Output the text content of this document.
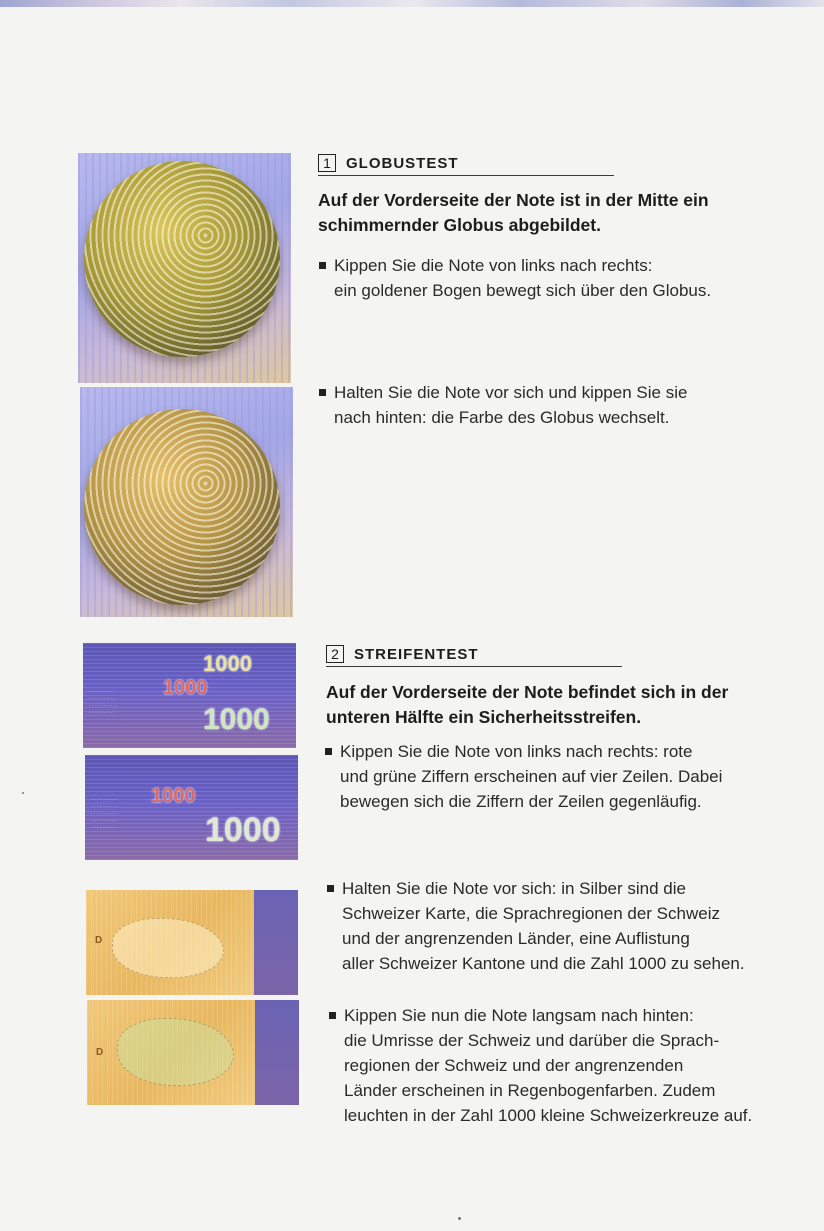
1	GLOBUSTEST
Auf der Vorderseite der Note ist in der Mitte ein schimmernder Globus abgebildet.
Kippen Sie die Note von links nach rechts:
ein goldener Bogen bewegt sich über den Globus.
Halten Sie die Note vor sich und kippen Sie sie
nach hinten: die Farbe des Globus wechselt.
· · · · · · · · ·
· · · · · · · · ·
· · · · · · · · ·
· · · · · · · · ·
1000
1000
1000
· · · · · · · · ·
· · · · · · · · ·
· · · · · · · · ·
· · · · · · · · ·
· · · · · · · · ·
1000
1000
D
D
2	STREIFENTEST
Auf der Vorderseite der Note befindet sich in der unteren Hälfte ein Sicherheitsstreifen.
Kippen Sie die Note von links nach rechts: rote
und grüne Ziffern erscheinen auf vier Zeilen. Dabei
bewegen sich die Ziffern der Zeilen gegenläufig.
Halten Sie die Note vor sich: in Silber sind die
Schweizer Karte, die Sprachregionen der Schweiz
und der angrenzenden Länder, eine Auflistung
aller Schweizer Kantone und die Zahl 1000 zu sehen.
Kippen Sie nun die Note langsam nach hinten:
die Umrisse der Schweiz und darüber die Sprach-
regionen der Schweiz und der angrenzenden
Länder erscheinen in Regenbogenfarben. Zudem
leuchten in der Zahl 1000 kleine Schweizerkreuze auf.
